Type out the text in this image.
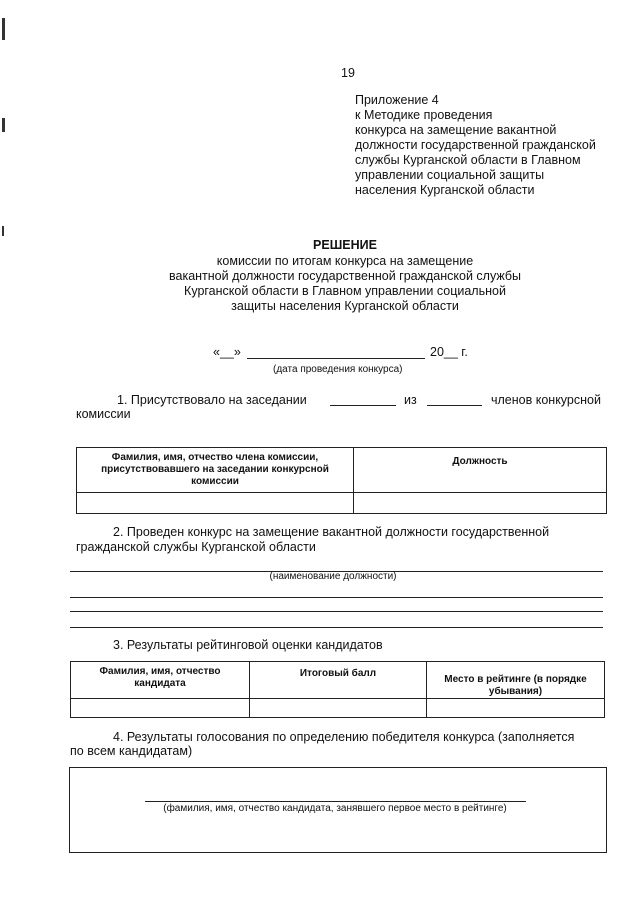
19
Приложение 4
к Методике проведения
конкурса на замещение вакантной
должности государственной гражданской
службы Курганской области в Главном
управлении социальной защиты
населения Курганской области
РЕШЕНИЕ
комиссии по итогам конкурса на замещение
вакантной должности государственной гражданской службы
Курганской области в Главном управлении социальной
защиты населения Курганской области
«__»	20__ г.
(дата проведения конкурса)
1. Присутствовало на заседании	из	членов конкурсной
комиссии
Фамилия, имя, отчество члена комиссии, присутствовавшего на заседании конкурсной комиссии	Должность

2. Проведен конкурс на замещение вакантной должности государственной
гражданской службы Курганской области
(наименование должности)
3. Результаты рейтинговой оценки кандидатов
Фамилия, имя, отчество кандидата	Итоговый балл	Место в рейтинге (в порядке убывания)

4. Результаты голосования по определению победителя конкурса (заполняется
по всем кандидатам)
(фамилия, имя, отчество кандидата, занявшего первое место в рейтинге)
